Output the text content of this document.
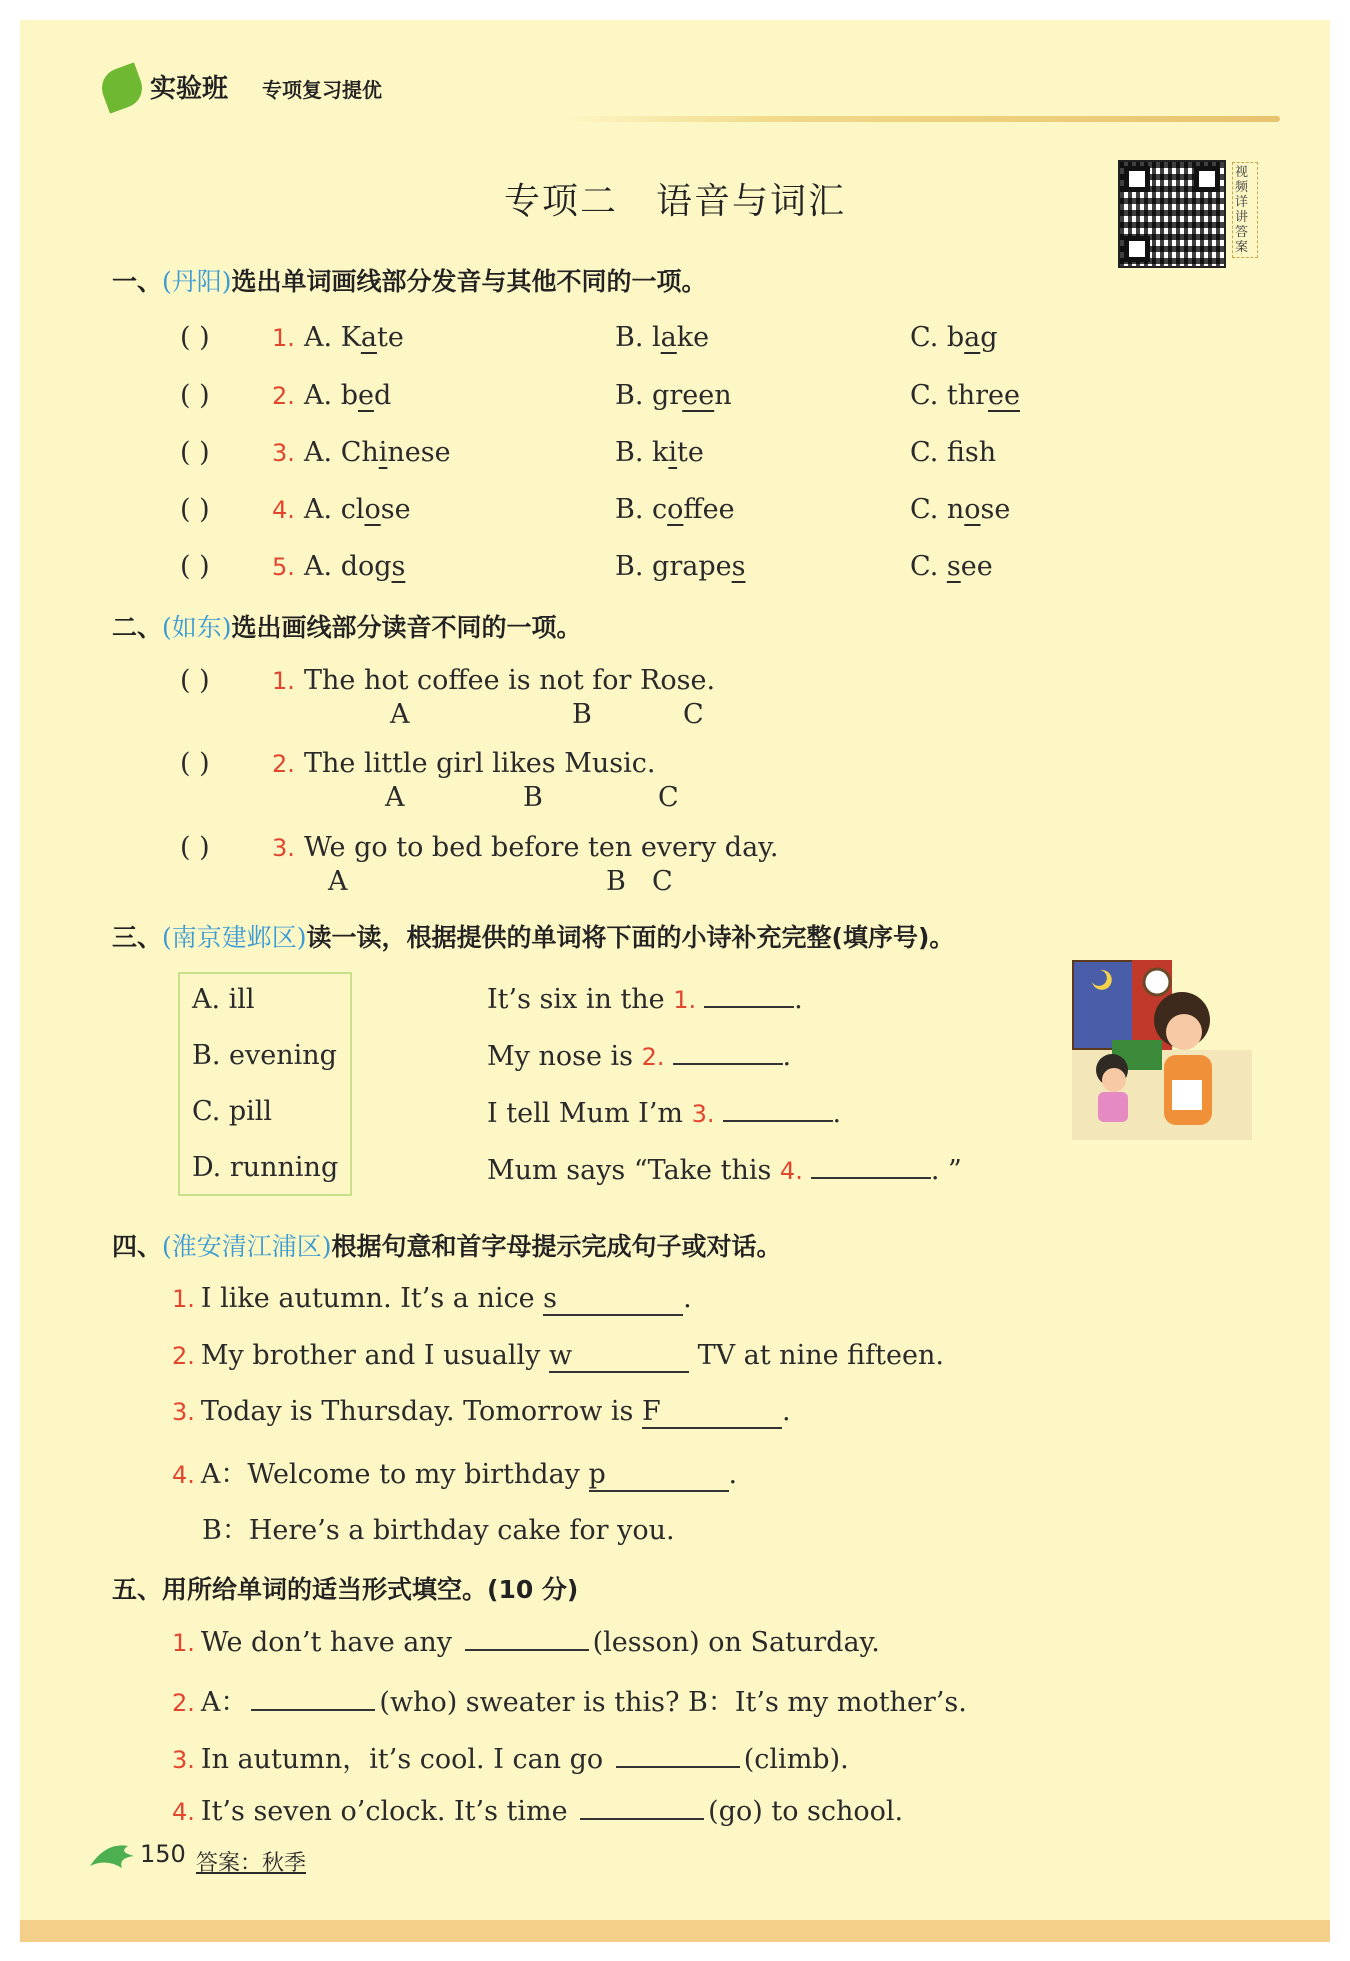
实验班 专项复习提优
专项二　语音与词汇
视频详讲答案
一、(丹阳)选出单词画线部分发音与其他不同的一项。
( )	1. A. Kate	B. lake	C. bag
( )	2. A. bed	B. green	C. three
( )	3. A. Chinese	B. kite	C. fsh
( )	4. A. close	B. coffee	C. nose
( )	5. A. dogs	B. grapes	C. see
二、(如东)选出画线部分读音不同的一项。
( )	1. The hot coffee is not for Rose.
A	B	C
( )	2. The little girl likes Music.
A	B	C
( )	3. We go to bed before ten every day.
A	B C
三、(南京建邺区)读一读，根据提供的单词将下面的小诗补充完整(填序号)。
A. ill
B. evening
C. pill
D. running
It’s six in the 1.	.
My nose is 2.	.
I tell Mum I’m 3.	.
Mum says “Take this 4.	. ”
四、(淮安清江浦区)根据句意和首字母提示完成句子或对话。
1. I like autumn. It’s a nice s	.
2. My brother and I usually w	TV at nine fifteen.
3. Today is Thursday. Tomorrow is F	.
4. A：Welcome to my birthday p	.
B：Here’s a birthday cake for you.
五、用所给单词的适当形式填空。(10 分)
1. We don’t have any	(lesson) on Saturday.
2. A：	(who) sweater is this? B：It’s my mother’s.
3. In autumn，it’s cool. I can go	(climb).
4. It’s seven o’clock. It’s time	(go) to school.
150 答案：秋季
